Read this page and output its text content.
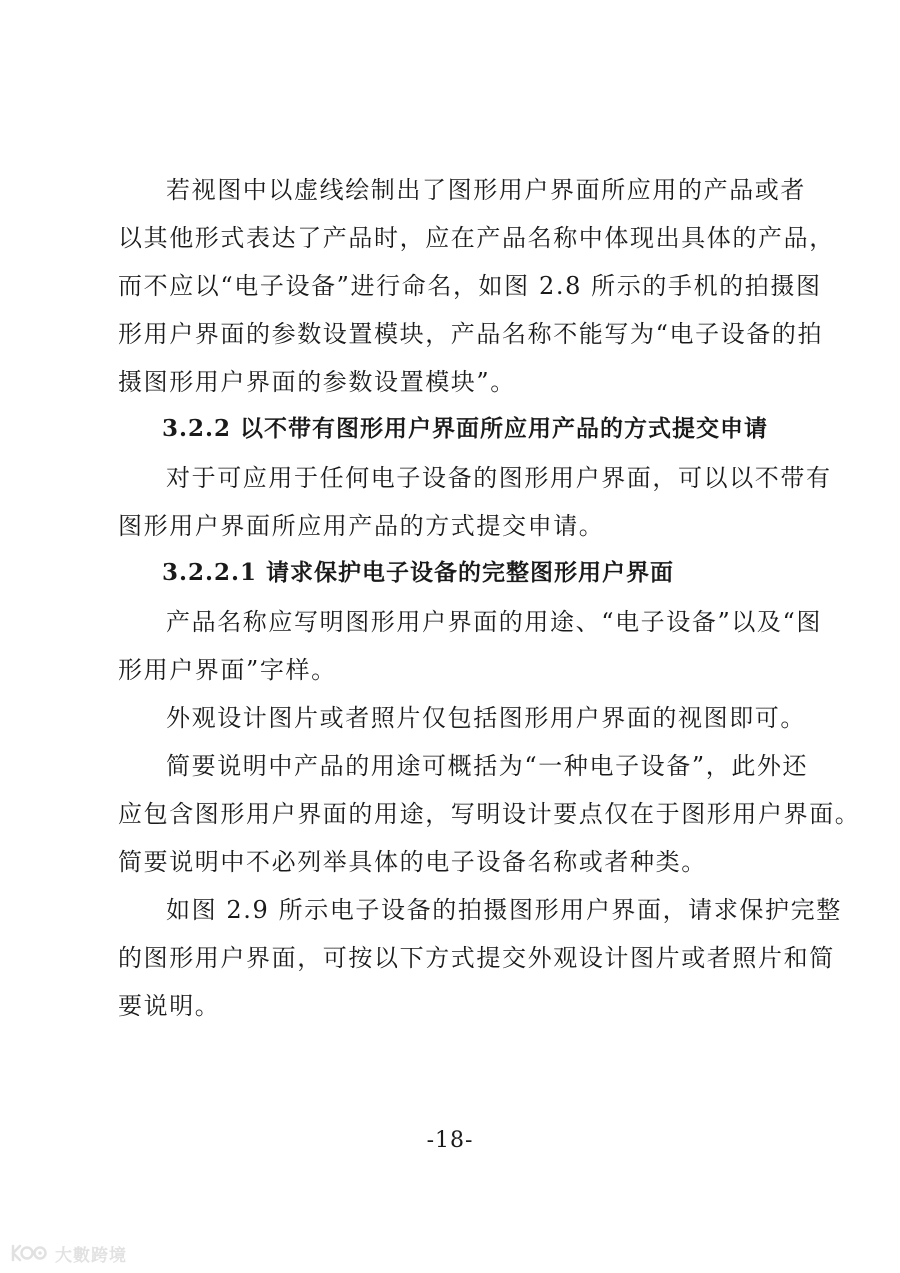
若视图中以虚线绘制出了图形用户界面所应用的产品或者
以其他形式表达了产品时，应在产品名称中体现出具体的产品，
而不应以“电子设备”进行命名，如图 2.8 所示的手机的拍摄图
形用户界面的参数设置模块，产品名称不能写为“电子设备的拍
摄图形用户界面的参数设置模块”。
3.2.2 以不带有图形用户界面所应用产品的方式提交申请
对于可应用于任何电子设备的图形用户界面，可以以不带有
图形用户界面所应用产品的方式提交申请。
3.2.2.1 请求保护电子设备的完整图形用户界面
产品名称应写明图形用户界面的用途、“电子设备”以及“图
形用户界面”字样。
外观设计图片或者照片仅包括图形用户界面的视图即可。
简要说明中产品的用途可概括为“一种电子设备”，此外还
应包含图形用户界面的用途，写明设计要点仅在于图形用户界面。
简要说明中不必列举具体的电子设备名称或者种类。
如图 2.9 所示电子设备的拍摄图形用户界面，请求保护完整
的图形用户界面，可按以下方式提交外观设计图片或者照片和简
要说明。
-18-
大數跨境
